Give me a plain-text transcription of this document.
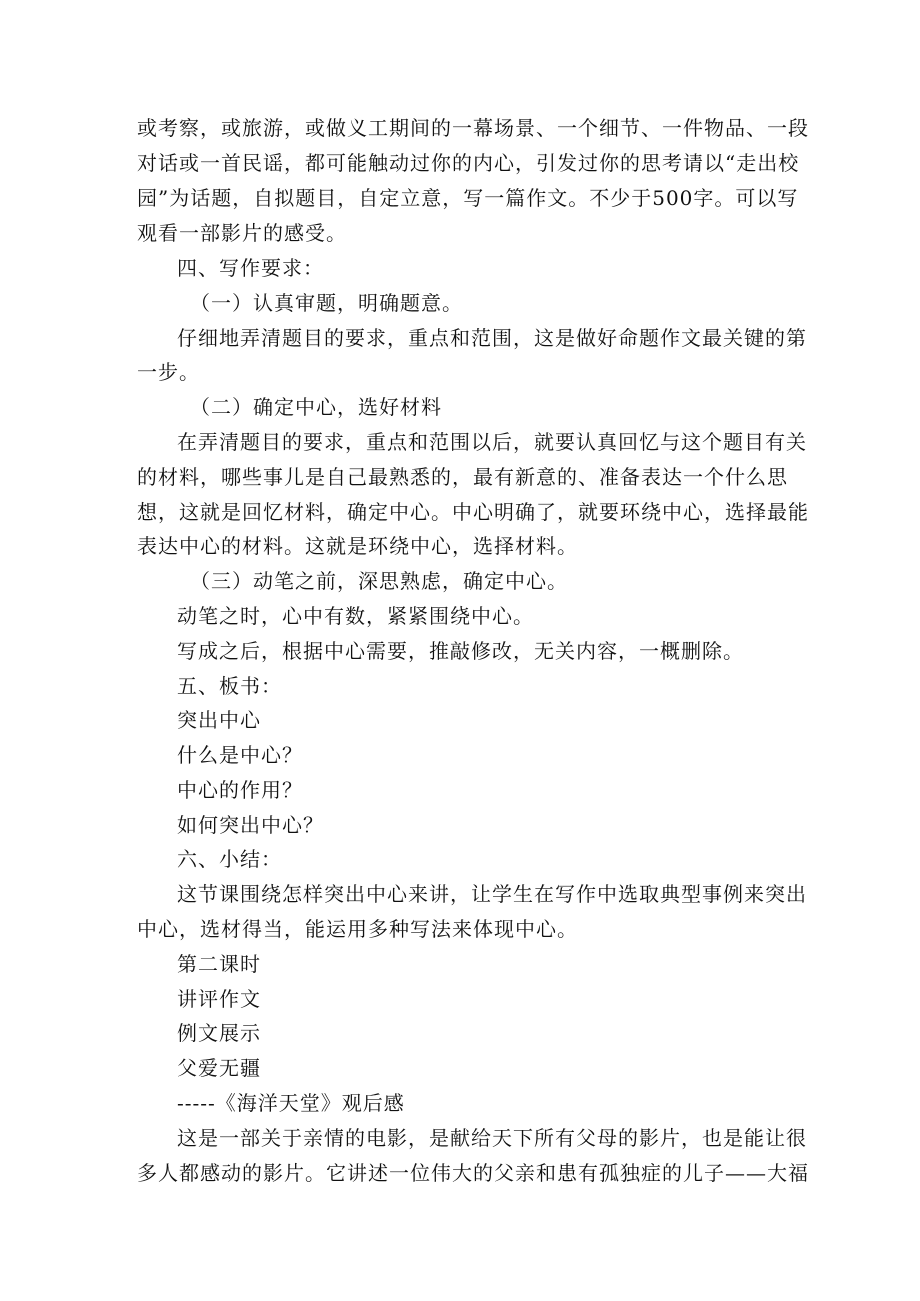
或考察，或旅游，或做义工期间的一幕场景、一个细节、一件物品、一段
对话或一首民谣，都可能触动过你的内心，引发过你的思考请以“走出校
园”为话题，自拟题目，自定立意，写一篇作文。不少于500字。可以写
观看一部影片的感受。
四、写作要求：
（一）认真审题，明确题意。
仔细地弄清题目的要求，重点和范围，这是做好命题作文最关键的第
一步。
（二）确定中心，选好材料
在弄清题目的要求，重点和范围以后，就要认真回忆与这个题目有关
的材料，哪些事儿是自己最熟悉的，最有新意的、准备表达一个什么思
想，这就是回忆材料，确定中心。中心明确了，就要环绕中心，选择最能
表达中心的材料。这就是环绕中心，选择材料。
（三）动笔之前，深思熟虑，确定中心。
动笔之时，心中有数，紧紧围绕中心。
写成之后，根据中心需要，推敲修改，无关内容，一概删除。
五、板书：
突出中心
什么是中心？
中心的作用？
如何突出中心？
六、小结：
这节课围绕怎样突出中心来讲，让学生在写作中选取典型事例来突出
中心，选材得当，能运用多种写法来体现中心。
第二课时
讲评作文
例文展示
父爱无疆
-----《海洋天堂》观后感
这是一部关于亲情的电影，是献给天下所有父母的影片，也是能让很
多人都感动的影片。它讲述一位伟大的父亲和患有孤独症的儿子——大福
